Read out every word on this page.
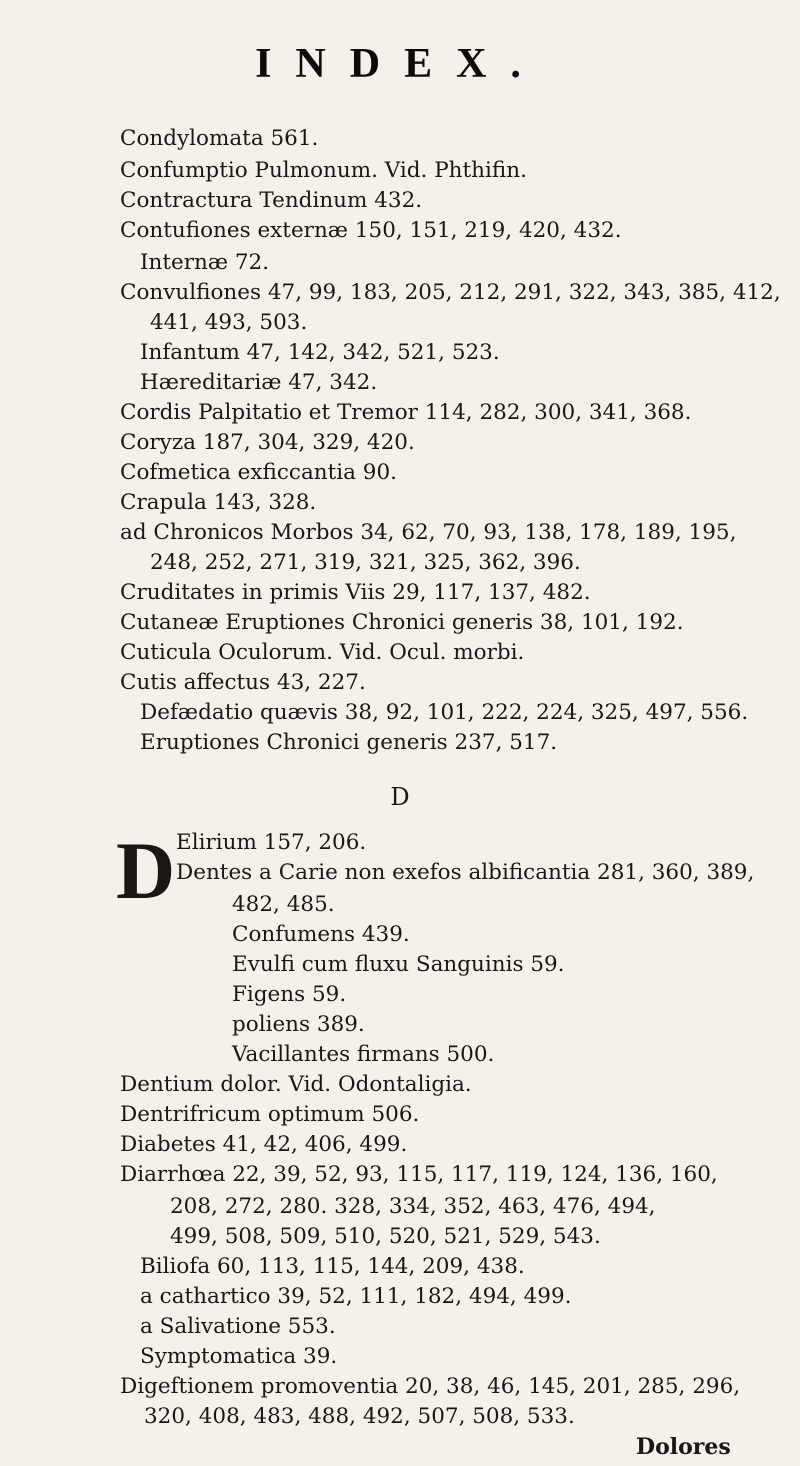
INDEX.
Condylomata 561.
Confumptio Pulmonum. Vid. Phthifin.
Contractura Tendinum 432.
Contufiones externæ 150, 151, 219, 420, 432.
Internæ 72.
Convulfiones 47, 99, 183, 205, 212, 291, 322, 343, 385, 412,
441, 493, 503.
Infantum 47, 142, 342, 521, 523.
Hæreditariæ 47, 342.
Cordis Palpitatio et Tremor 114, 282, 300, 341, 368.
Coryza 187, 304, 329, 420.
Cofmetica exficcantia 90.
Crapula 143, 328.
ad Chronicos Morbos 34, 62, 70, 93, 138, 178, 189, 195,
248, 252, 271, 319, 321, 325, 362, 396.
Cruditates in primis Viis 29, 117, 137, 482.
Cutaneæ Eruptiones Chronici generis 38, 101, 192.
Cuticula Oculorum. Vid. Ocul. morbi.
Cutis affectus 43, 227.
Defædatio quævis 38, 92, 101, 222, 224, 325, 497, 556.
Eruptiones Chronici generis 237, 517.
D
D Elirium 157, 206.
Dentes a Carie non exefos albificantia 281, 360, 389,
482, 485.
Confumens 439.
Evulfi cum fluxu Sanguinis 59.
Figens 59.
poliens 389.
Vacillantes firmans 500.
Dentium dolor. Vid. Odontaligia.
Dentrifricum optimum 506.
Diabetes 41, 42, 406, 499.
Diarrhœa 22, 39, 52, 93, 115, 117, 119, 124, 136, 160,
208, 272, 280. 328, 334, 352, 463, 476, 494,
499, 508, 509, 510, 520, 521, 529, 543.
Biliofa 60, 113, 115, 144, 209, 438.
a cathartico 39, 52, 111, 182, 494, 499.
a Salivatione 553.
Symptomatica 39.
Digeftionem promoventia 20, 38, 46, 145, 201, 285, 296,
320, 408, 483, 488, 492, 507, 508, 533.
Dolores
